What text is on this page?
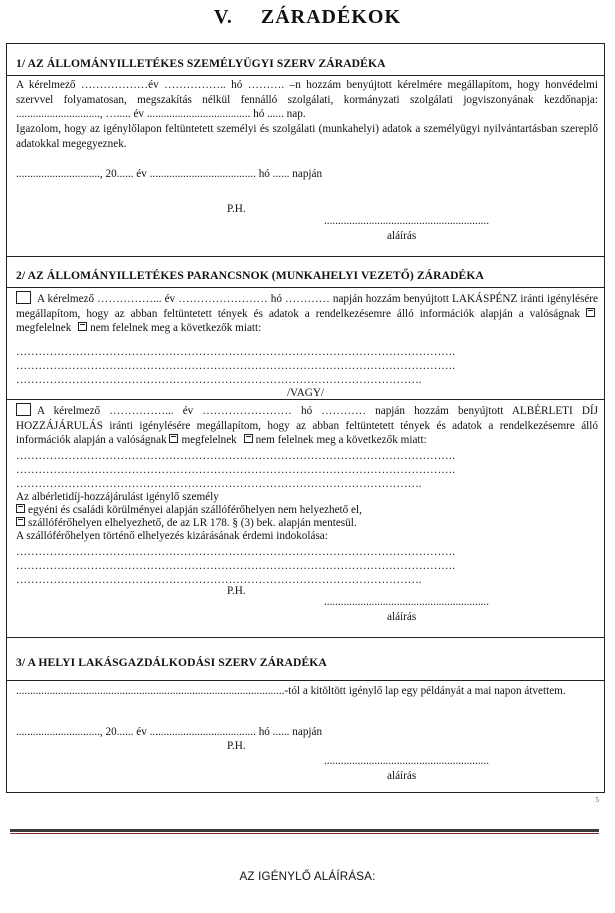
V. ZÁRADÉKOK
1/ AZ ÁLLOMÁNYILLETÉKES SZEMÉLYÜGYI SZERV ZÁRADÉKA
A kérelmező ………………év …………….. hó ………. –n hozzám benyújtott kérelmére megállapítom, hogy honvédelmi szervvel folyamatosan, megszakítás nélkül fennálló szolgálati, kormányzati szolgálati jogviszonyának kezdőnapja: .............................., …..... év ..................................... hó ...... nap.
Igazolom, hogy az igénylőlapon feltüntetett személyi és szolgálati (munkahelyi) adatok a személyügyi nyilvántartásban szereplő adatokkal megegyeznek.
.............................., 20...... év ...................................... hó ...... napján
P.H.
...........................................................
aláírás
2/ AZ ÁLLOMÁNYILLETÉKES PARANCSNOK (MUNKAHELYI VEZETŐ) ZÁRADÉKA
A kérelmező ……………... év …………………… hó ………… napján hozzám benyújtott LAKÁSPÉNZ iránti igénylésére megállapítom, hogy az abban feltüntetett tények és adatok a rendelkezésemre álló információk alapján a valóságnak megfelelnek nem felelnek meg a következők miatt:
……………………………………………………………………………………………………….
……………………………………………………………………………………………………….
……………………………………………………………………………………………….
/VAGY/
A kérelmező ……………... év …………………… hó ………… napján hozzám benyújtott ALBÉRLETI DÍJ HOZZÁJÁRULÁS iránti igénylésére megállapítom, hogy az abban feltüntetett tények és adatok a rendelkezésemre álló információk alapján a valóságnak megfelelnek nem felelnek meg a következők miatt:
……………………………………………………………………………………………………….
……………………………………………………………………………………………………….
……………………………………………………………………………………………….
Az albérletidíj-hozzájárulást igénylő személy
egyéni és családi körülményei alapján szállóférőhelyen nem helyezhető el,
szállóférőhelyen elhelyezhető, de az LR 178. § (3) bek. alapján mentesül.
A szállóférőhelyen történő elhelyezés kizárásának érdemi indokolása:
……………………………………………………………………………………………………….
……………………………………………………………………………………………………….
……………………………………………………………………………………………….
P.H.
...........................................................
aláírás
3/ A HELYI LAKÁSGAZDÁLKODÁSI SZERV ZÁRADÉKA
................................................................................................-tól a kitöltött igénylő lap egy példányát a mai napon átvettem.
.............................., 20...... év ...................................... hó ...... napján
P.H.
...........................................................
aláírás
5
AZ IGÉNYLŐ ALÁÍRÁSA:
